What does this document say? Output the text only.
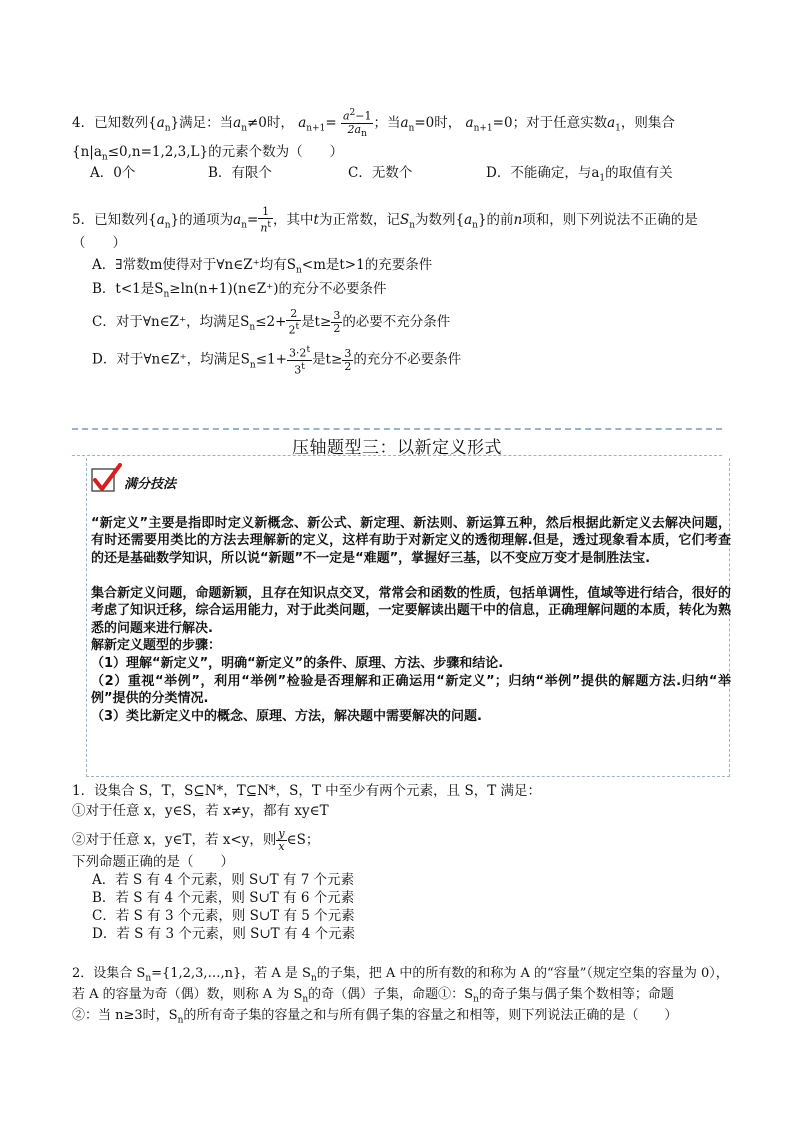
4．已知数列$\{a_n\}$满足：当$a_n\ne 0$时， $a_{n+1}= \frac{a^2-1}{2a_n}$ ；当$a_n=0$时， $a_{n+1}=0$；对于任意实数$a_1$，则集合
$\{n|a_n\le 0,n=1,2,3,L\}$的元素个数为（　　）
A．0个	B．有限个	C．无数个	D．不能确定，与$a_1$的取值有关
5．已知数列$\{a_n\}$的通项为$a_n= \frac{1}{n^t}$ ，其中t为正常数，记$S_n$为数列$\{a_n\}$的前n项和，则下列说法不正确的是
（　　）
A．∃常数m使得对于∀n∈Z⁺均有$S_n<m$是t>1的充要条件
B．t<1是$S_n\ge\ln(n+1)(n\in Z^+)$的充分不必要条件
C．对于∀n∈Z⁺，均满足$S_n\le 2+ \frac{2}{2^t}$ 是$t\ge \frac{3}{2}$ 的必要不充分条件
D．对于∀n∈Z⁺，均满足$S_n\le 1+ \frac{3\cdot 2^t}{3^t}$ 是$t\ge \frac{3}{2}$ 的充分不必要条件
压轴题型三：以新定义形式
满分技法
“新定义”主要是指即时定义新概念、新公式、新定理、新法则、新运算五种，然后根据此新定义去解决问题，有时还需要用类比的方法去理解新的定义，这样有助于对新定义的透彻理解.但是，透过现象看本质，它们考查的还是基础数学知识，所以说“新题”不一定是“难题”，掌握好三基，以不变应万变才是制胜法宝.
集合新定义问题，命题新颖，且存在知识点交叉，常常会和函数的性质，包括单调性，值域等进行结合，很好的考虑了知识迁移，综合运用能力，对于此类问题，一定要解读出题干中的信息，正确理解问题的本质，转化为熟悉的问题来进行解决.
解新定义题型的步骤：
（1）理解“新定义”，明确“新定义”的条件、原理、方法、步骤和结论.
（2）重视“举例”，利用“举例”检验是否理解和正确运用“新定义”；归纳“举例”提供的解题方法.归纳“举例”提供的分类情况.
（3）类比新定义中的概念、原理、方法，解决题中需要解决的问题.
1．设集合 S，T，S⊆N*，T⊆N*，S，T 中至少有两个元素，且 S，T 满足：
①对于任意 x，y∈S，若 x≠y，都有 xy∈T
②对于任意 x，y∈T，若 x<y，则 $\frac{y}{x}$ ∈S；
下列命题正确的是（　　）
A．若 S 有 4 个元素，则 S∪T 有 7 个元素
B．若 S 有 4 个元素，则 S∪T 有 6 个元素
C．若 S 有 3 个元素，则 S∪T 有 5 个元素
D．若 S 有 3 个元素，则 S∪T 有 4 个元素
2．设集合 $S_n=\{1,2,3,\dots,n\}$，若 A 是 $S_n$的子集，把 A 中的所有数的和称为 A 的“容量”（规定空集的容量为 0），
若 A 的容量为奇（偶）数，则称 A 为 $S_n$的奇（偶）子集，命题①：$S_n$的奇子集与偶子集个数相等；命题
②：当 n≥3时，$S_n$的所有奇子集的容量之和与所有偶子集的容量之和相等，则下列说法正确的是（　　）
